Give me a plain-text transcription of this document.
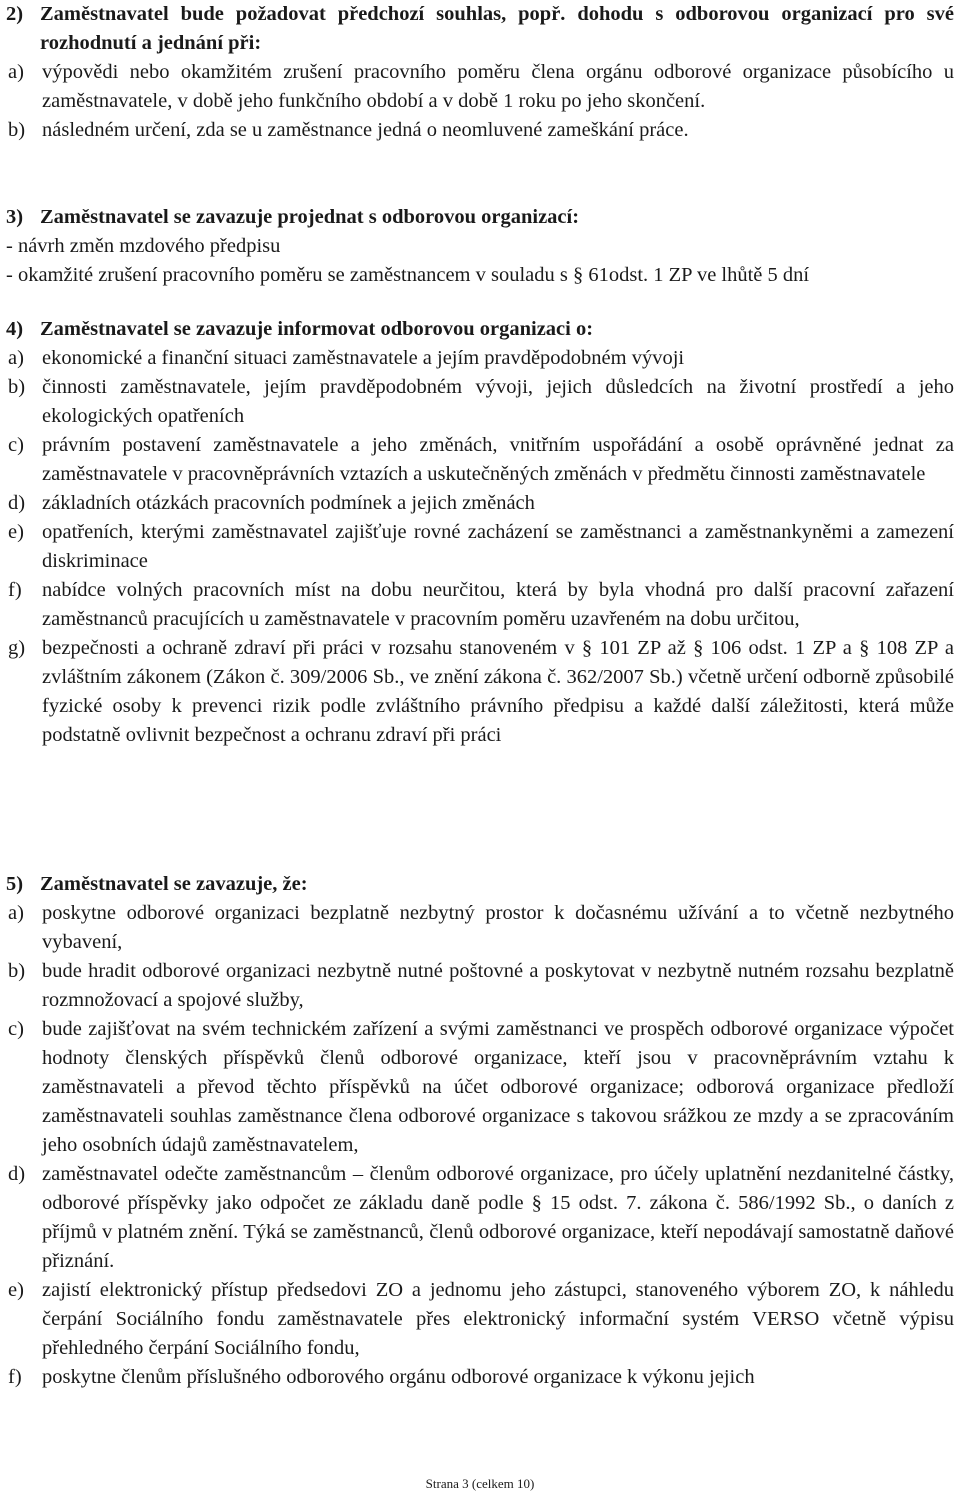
2) Zaměstnavatel bude požadovat předchozí souhlas, popř. dohodu s odborovou organizací pro své rozhodnutí a jednání při:
a) výpovědi nebo okamžitém zrušení pracovního poměru člena orgánu odborové organizace působícího u zaměstnavatele, v době jeho funkčního období a v době 1 roku po jeho skončení.
b) následném určení, zda se u zaměstnance jedná o neomluvené zameškání práce.
3) Zaměstnavatel se zavazuje projednat s odborovou organizací:
- návrh změn mzdového předpisu
- okamžité zrušení pracovního poměru se zaměstnancem v souladu s § 61odst. 1 ZP ve lhůtě 5 dní
4) Zaměstnavatel se zavazuje informovat odborovou organizaci o:
a) ekonomické a finanční situaci zaměstnavatele a jejím pravděpodobném vývoji
b) činnosti zaměstnavatele, jejím pravděpodobném vývoji, jejich důsledcích na životní prostředí a jeho ekologických opatřeních
c) právním postavení zaměstnavatele a jeho změnách, vnitřním uspořádání a osobě oprávněné jednat za zaměstnavatele v pracovněprávních vztazích a uskutečněných změnách v předmětu činnosti zaměstnavatele
d) základních otázkách pracovních podmínek a jejich změnách
e) opatřeních, kterými zaměstnavatel zajišťuje rovné zacházení se zaměstnanci a zaměstnankyněmi a zamezení diskriminace
f) nabídce volných pracovních míst na dobu neurčitou, která by byla vhodná pro další pracovní zařazení zaměstnanců pracujících u zaměstnavatele v pracovním poměru uzavřeném na dobu určitou,
g) bezpečnosti a ochraně zdraví při práci v rozsahu stanoveném v § 101 ZP až § 106 odst. 1 ZP a § 108 ZP a zvláštním zákonem (Zákon č. 309/2006 Sb., ve znění zákona č. 362/2007 Sb.) včetně určení odborně způsobilé fyzické osoby k prevenci rizik podle zvláštního právního předpisu a každé další záležitosti, která může podstatně ovlivnit bezpečnost a ochranu zdraví při práci
5) Zaměstnavatel se zavazuje, že:
a) poskytne odborové organizaci bezplatně nezbytný prostor k dočasnému užívání a to včetně nezbytného vybavení,
b) bude hradit odborové organizaci nezbytně nutné poštovné a poskytovat v nezbytně nutném rozsahu bezplatně rozmnožovací a spojové služby,
c) bude zajišťovat na svém technickém zařízení a svými zaměstnanci ve prospěch odborové organizace výpočet hodnoty členských příspěvků členů odborové organizace, kteří jsou v pracovněprávním vztahu k zaměstnavateli a převod těchto příspěvků na účet odborové organizace; odborová organizace předloží zaměstnavateli souhlas zaměstnance člena odborové organizace s takovou srážkou ze mzdy a se zpracováním jeho osobních údajů zaměstnavatelem,
d) zaměstnavatel odečte zaměstnancům – členům odborové organizace, pro účely uplatnění nezdanitelné částky, odborové příspěvky jako odpočet ze základu daně podle § 15 odst. 7. zákona č. 586/1992 Sb., o daních z příjmů v platném znění. Týká se zaměstnanců, členů odborové organizace, kteří nepodávají samostatně daňové přiznání.
e) zajistí elektronický přístup předsedovi ZO a jednomu jeho zástupci, stanoveného výborem ZO, k náhledu čerpání Sociálního fondu zaměstnavatele přes elektronický informační systém VERSO včetně výpisu přehledného čerpání Sociálního fondu,
f) poskytne členům příslušného odborového orgánu odborové organizace k výkonu jejich
Strana 3 (celkem 10)
